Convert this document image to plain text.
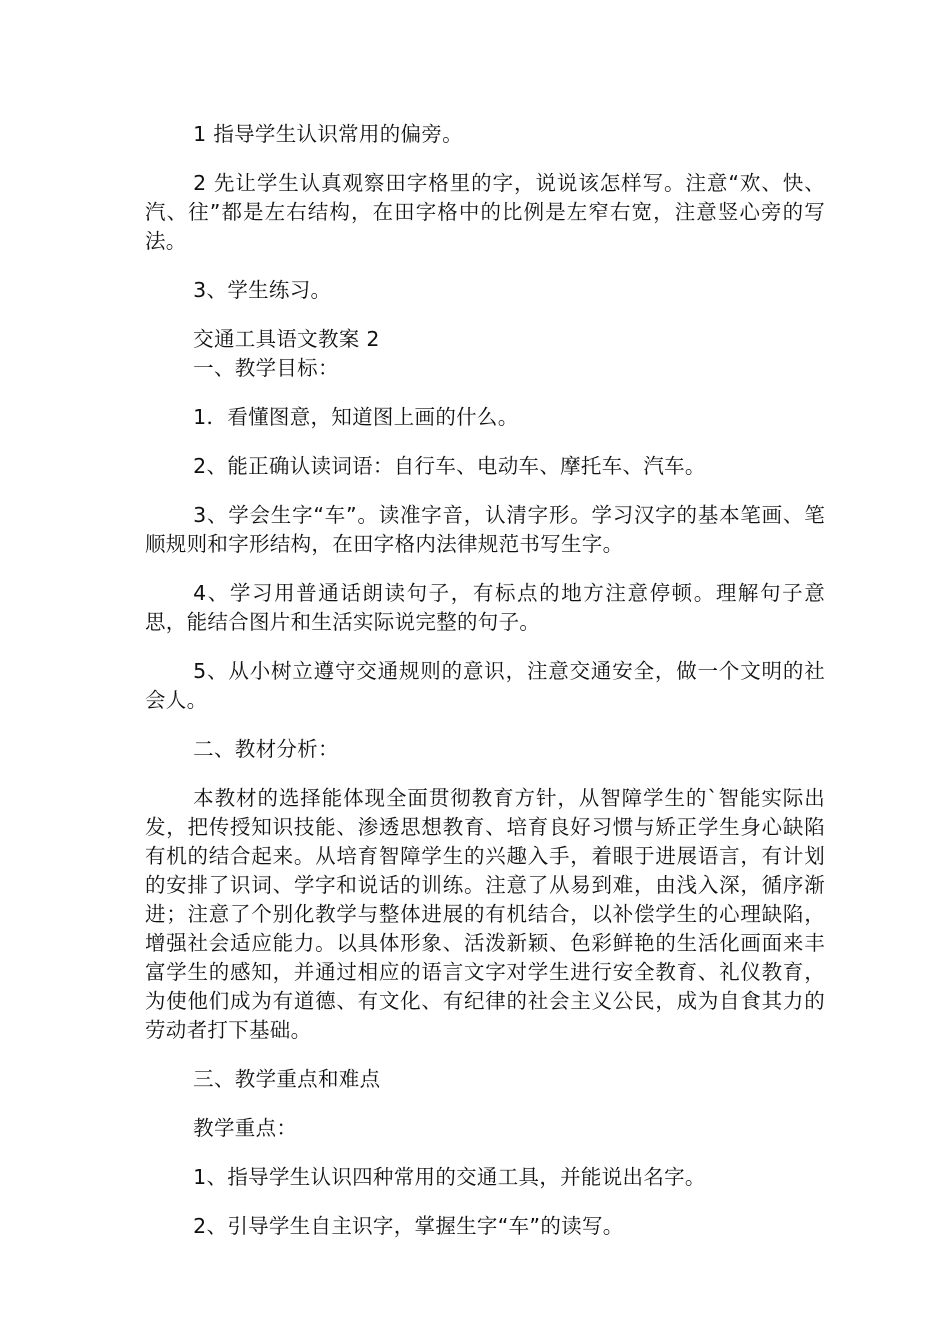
1 指导学生认识常用的偏旁。

2 先让学生认真观察田字格里的字，说说该怎样写。注意“欢、快、汽、往”都是左右结构，在田字格中的比例是左窄右宽，注意竖心旁的写法。

3、学生练习。

交通工具语文教案 2

一、教学目标：

1．看懂图意，知道图上画的什么。

2、能正确认读词语：自行车、电动车、摩托车、汽车。

3、学会生字“车”。读准字音，认清字形。学习汉字的基本笔画、笔顺规则和字形结构，在田字格内法律规范书写生字。

4、学习用普通话朗读句子，有标点的地方注意停顿。理解句子意思，能结合图片和生活实际说完整的句子。

5、从小树立遵守交通规则的意识，注意交通安全，做一个文明的社会人。

二、教材分析：

本教材的选择能体现全面贯彻教育方针，从智障学生的`智能实际出发，把传授知识技能、渗透思想教育、培育良好习惯与矫正学生身心缺陷有机的结合起来。从培育智障学生的兴趣入手，着眼于进展语言，有计划的安排了识词、学字和说话的训练。注意了从易到难，由浅入深，循序渐进；注意了个别化教学与整体进展的有机结合，以补偿学生的心理缺陷，增强社会适应能力。以具体形象、活泼新颖、色彩鲜艳的生活化画面来丰富学生的感知，并通过相应的语言文字对学生进行安全教育、礼仪教育，为使他们成为有道德、有文化、有纪律的社会主义公民，成为自食其力的劳动者打下基础。

三、教学重点和难点

教学重点：

1、指导学生认识四种常用的交通工具，并能说出名字。

2、引导学生自主识字，掌握生字“车”的读写。
